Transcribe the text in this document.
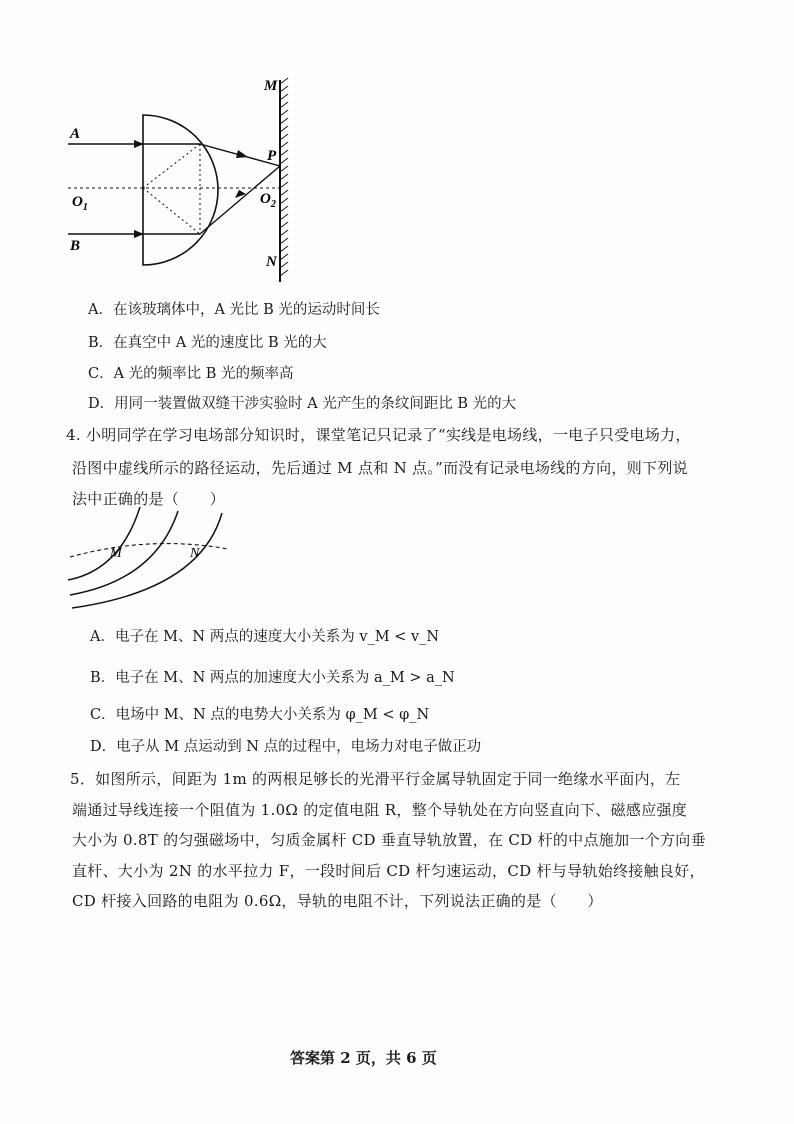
M
N
P
A
B
$O_1$
$O_2$
A．在该玻璃体中，A 光比 B 光的运动时间长
B．在真空中 A 光的速度比 B 光的大
C．A 光的频率比 B 光的频率高
D．用同一装置做双缝干涉实验时 A 光产生的条纹间距比 B 光的大
4. 小明同学在学习电场部分知识时，课堂笔记只记录了“实线是电场线，一电子只受电场力，
沿图中虚线所示的路径运动，先后通过 M 点和 N 点。”而没有记录电场线的方向，则下列说
法中正确的是（　　）
M	N
A．电子在 M、N 两点的速度大小关系为 v_M < v_N
B．电子在 M、N 两点的加速度大小关系为 a_M > a_N
C．电场中 M、N 点的电势大小关系为 φ_M < φ_N
D．电子从 M 点运动到 N 点的过程中，电场力对电子做正功
5．如图所示，间距为 1m 的两根足够长的光滑平行金属导轨固定于同一绝缘水平面内，左
端通过导线连接一个阻值为 1.0Ω 的定值电阻 R，整个导轨处在方向竖直向下、磁感应强度
大小为 0.8T 的匀强磁场中，匀质金属杆 CD 垂直导轨放置，在 CD 杆的中点施加一个方向垂
直杆、大小为 2N 的水平拉力 F，一段时间后 CD 杆匀速运动，CD 杆与导轨始终接触良好，
CD 杆接入回路的电阻为 0.6Ω，导轨的电阻不计，下列说法正确的是（　　）
答案第 2 页，共 6 页
